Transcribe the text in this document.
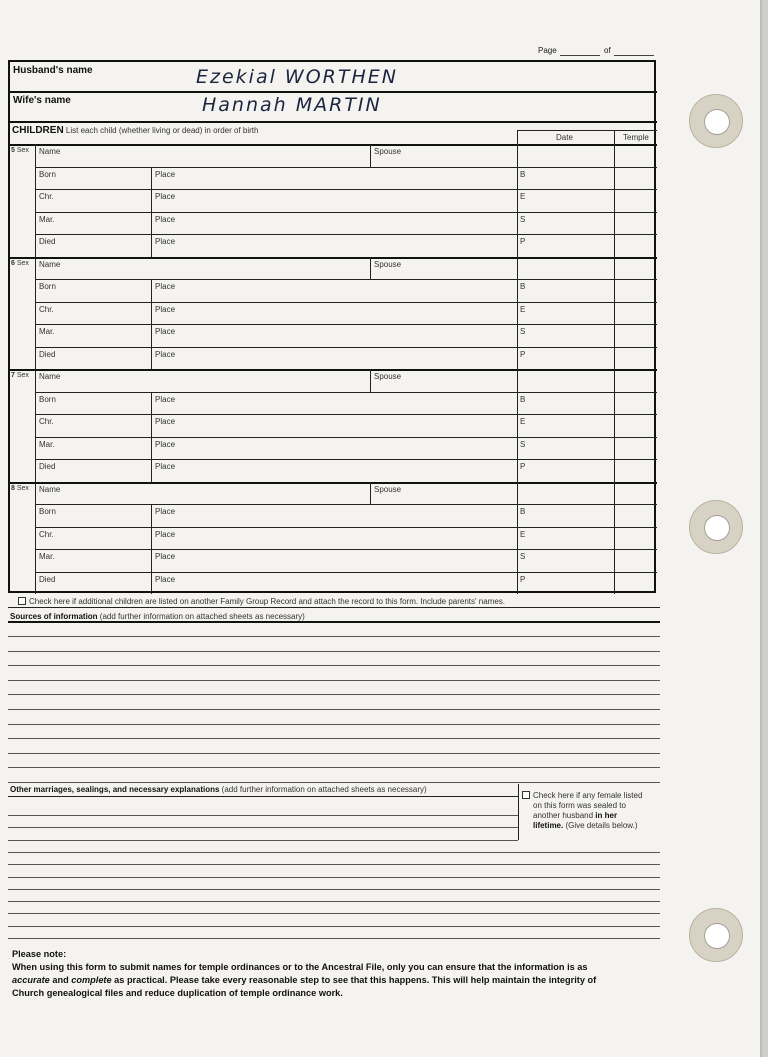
Page	of
Husband's name	Ezekial WORTHEN
Wife's name	Hannah MARTIN
CHILDREN List each child (whether living or dead) in order of birth
Date	Temple
5 Sex Name	Spouse
Born	Place	B
Chr.	Place	E
Mar.	Place	S
Died	Place	P
6 Sex Name	Spouse
Born	Place	B
Chr.	Place	E
Mar.	Place	S
Died	Place	P
7 Sex Name	Spouse
Born	Place	B
Chr.	Place	E
Mar.	Place	S
Died	Place	P
8 Sex Name	Spouse
Born	Place	B
Chr.	Place	E
Mar.	Place	S
Died	Place	P
Check here if additional children are listed on another Family Group Record and attach the record to this form. Include parents' names.
Sources of information (add further information on attached sheets as necessary)
Other marriages, sealings, and necessary explanations (add further information on attached sheets as necessary)
Check here if any female listed
on this form was sealed to
another husband in her
lifetime. (Give details below.)
Please note:
When using this form to submit names for temple ordinances or to the Ancestral File, only you can ensure that the information is as
accurate and complete as practical. Please take every reasonable step to see that this happens. This will help maintain the integrity of
Church genealogical files and reduce duplication of temple ordinance work.
